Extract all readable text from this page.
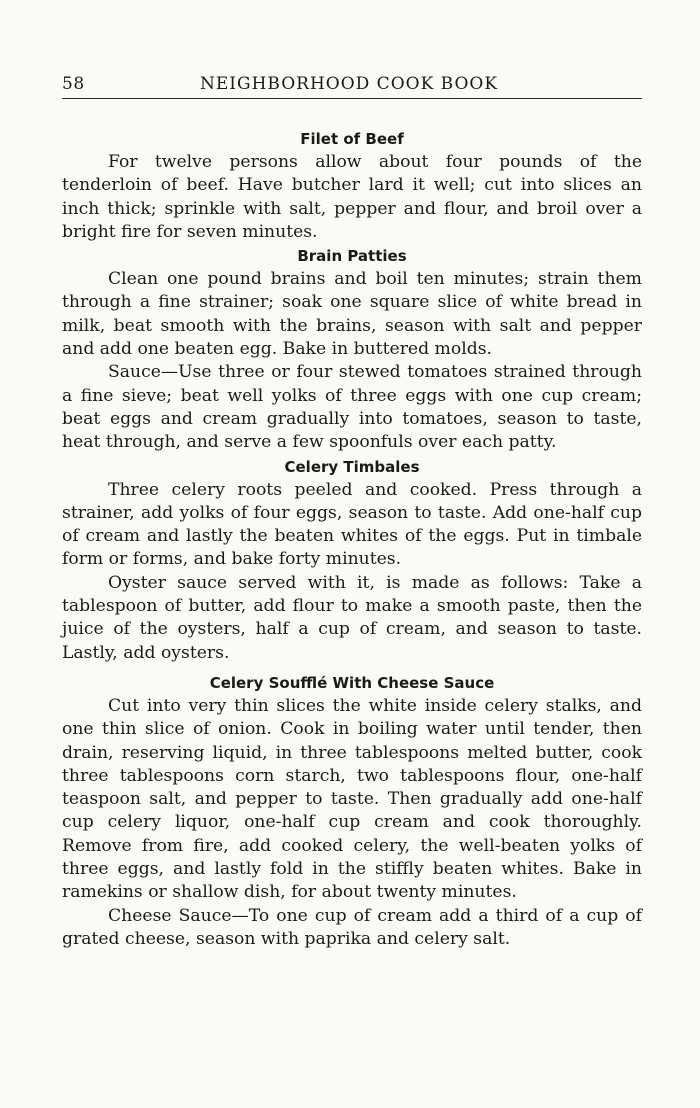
58	NEIGHBORHOOD COOK BOOK
Filet of Beef

For twelve persons allow about four pounds of the tenderloin of beef. Have butcher lard it well; cut into slices an inch thick; sprinkle with salt, pepper and flour, and broil over a bright fire for seven minutes.

Brain Patties

Clean one pound brains and boil ten minutes; strain them through a fine strainer; soak one square slice of white bread in milk, beat smooth with the brains, season with salt and pepper and add one beaten egg. Bake in buttered molds.

Sauce—Use three or four stewed tomatoes strained through a fine sieve; beat well yolks of three eggs with one cup cream; beat eggs and cream gradually into tomatoes, season to taste, heat through, and serve a few spoonfuls over each patty.

Celery Timbales

Three celery roots peeled and cooked. Press through a strainer, add yolks of four eggs, season to taste. Add one-half cup of cream and lastly the beaten whites of the eggs. Put in timbale form or forms, and bake forty minutes.

Oyster sauce served with it, is made as follows: Take a tablespoon of butter, add flour to make a smooth paste, then the juice of the oysters, half a cup of cream, and season to taste. Lastly, add oysters.

Celery Soufflé With Cheese Sauce

Cut into very thin slices the white inside celery stalks, and one thin slice of onion. Cook in boiling water until tender, then drain, reserving liquid, in three tablespoons melted butter, cook three tablespoons corn starch, two tablespoons flour, one-half teaspoon salt, and pepper to taste. Then gradually add one-half cup celery liquor, one-half cup cream and cook thoroughly. Remove from fire, add cooked celery, the well-beaten yolks of three eggs, and lastly fold in the stiffly beaten whites. Bake in ramekins or shallow dish, for about twenty minutes.

Cheese Sauce—To one cup of cream add a third of a cup of grated cheese, season with paprika and celery salt.
